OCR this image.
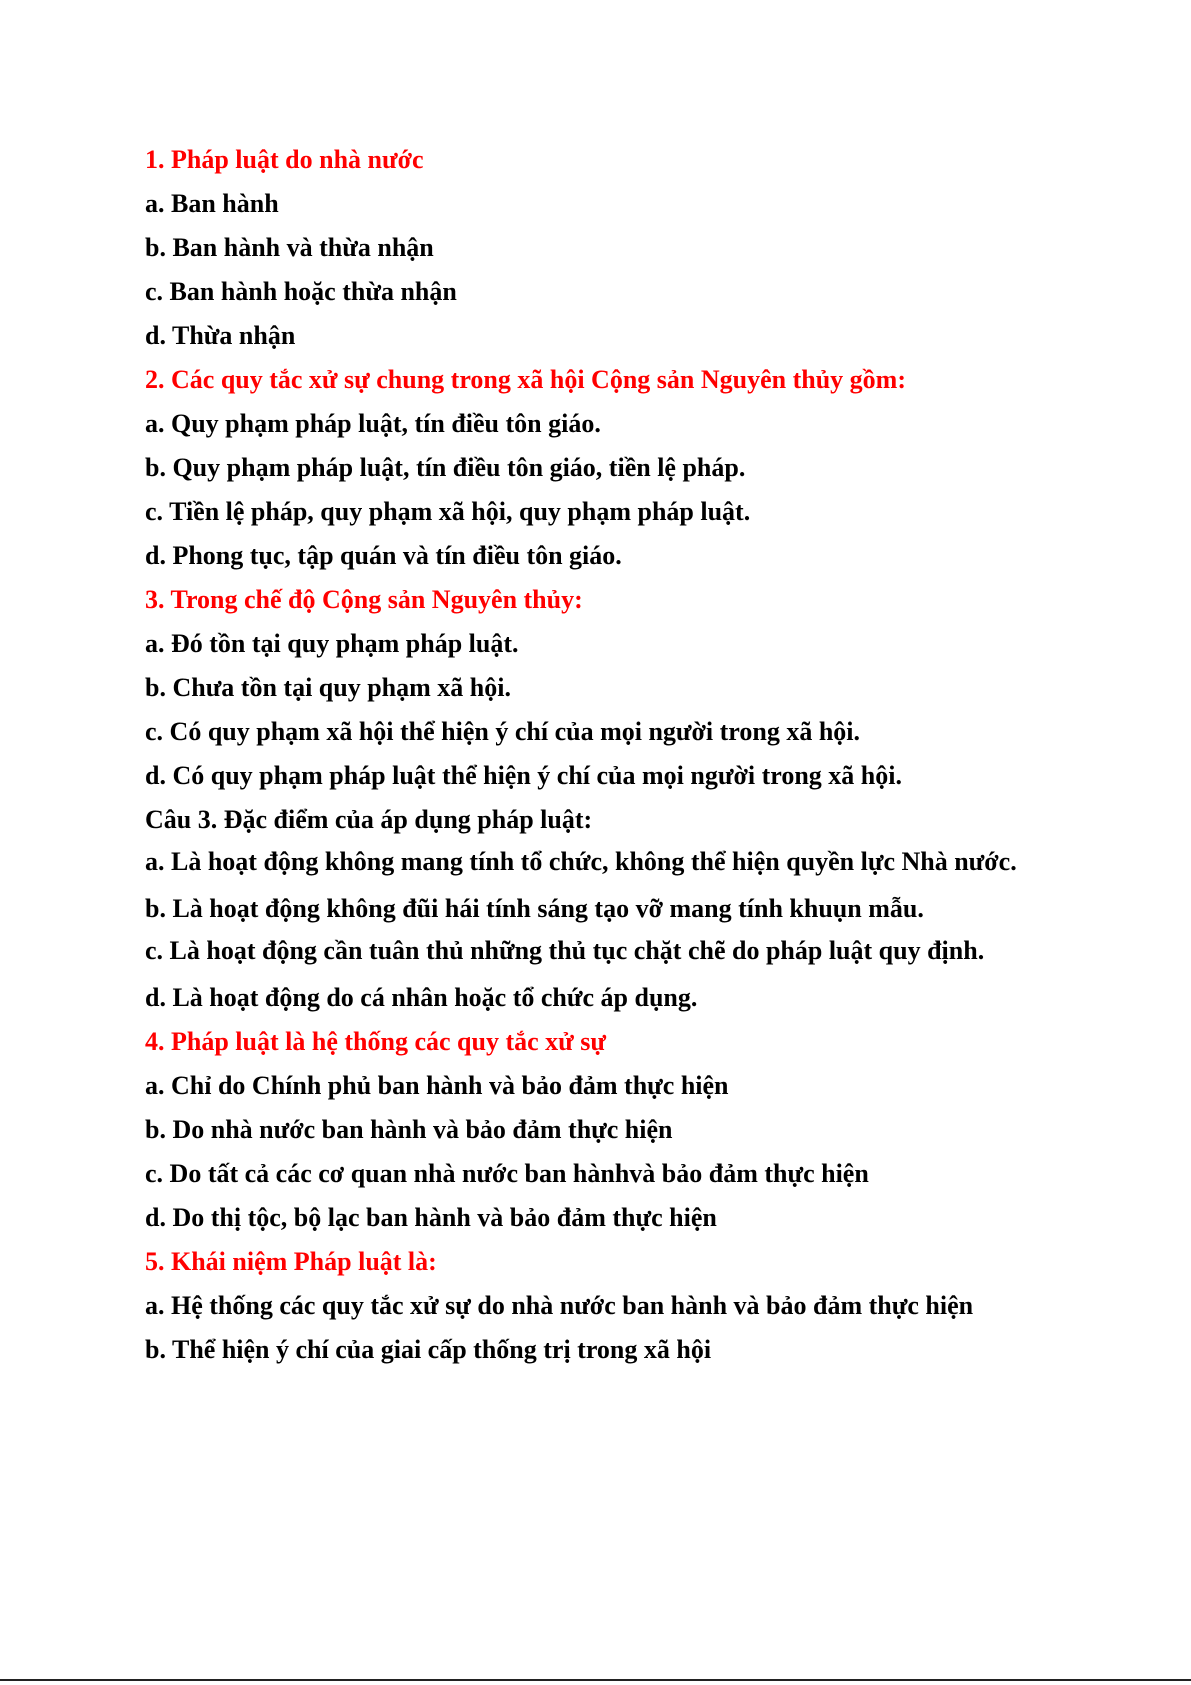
1. Pháp luật do nhà nước

a. Ban hành

b. Ban hành và thừa nhận

c. Ban hành hoặc thừa nhận

d. Thừa nhận

2. Các quy tắc xử sự chung trong xã hội Cộng sản Nguyên thủy gồm:

a. Quy phạm pháp luật, tín điều tôn giáo.

b. Quy phạm pháp luật, tín điều tôn giáo, tiền lệ pháp.

c. Tiền lệ pháp, quy phạm xã hội, quy phạm pháp luật.

d. Phong tục, tập quán và tín điều tôn giáo.

3. Trong chế độ Cộng sản Nguyên thủy:

a. Đó tồn tại quy phạm pháp luật.

b. Chưa tồn tại quy phạm xã hội.

c. Có quy phạm xã hội thể hiện ý chí của mọi người trong xã hội.

d. Có quy phạm pháp luật thể hiện ý chí của mọi người trong xã hội.

Câu 3. Đặc điểm của áp dụng pháp luật:

a. Là hoạt động không mang tính tổ chức, không thể hiện quyền lực Nhà nước.

b. Là hoạt động không đũi hái tính sáng tạo vỡ mang tính khuụn mẫu.

c. Là hoạt động cần tuân thủ những thủ tục chặt chẽ do pháp luật quy định.

d. Là hoạt động do cá nhân hoặc tổ chức áp dụng.

4. Pháp luật là hệ thống các quy tắc xử sự

a. Chỉ do Chính phủ ban hành và bảo đảm thực hiện

b. Do nhà nước ban hành và bảo đảm thực hiện

c. Do tất cả các cơ quan nhà nước ban hànhvà bảo đảm thực hiện

d. Do thị tộc, bộ lạc ban hành và bảo đảm thực hiện

5. Khái niệm Pháp luật là:

a. Hệ thống các quy tắc xử sự do nhà nước ban hành và bảo đảm thực hiện

b. Thể hiện ý chí của giai cấp thống trị trong xã hội
